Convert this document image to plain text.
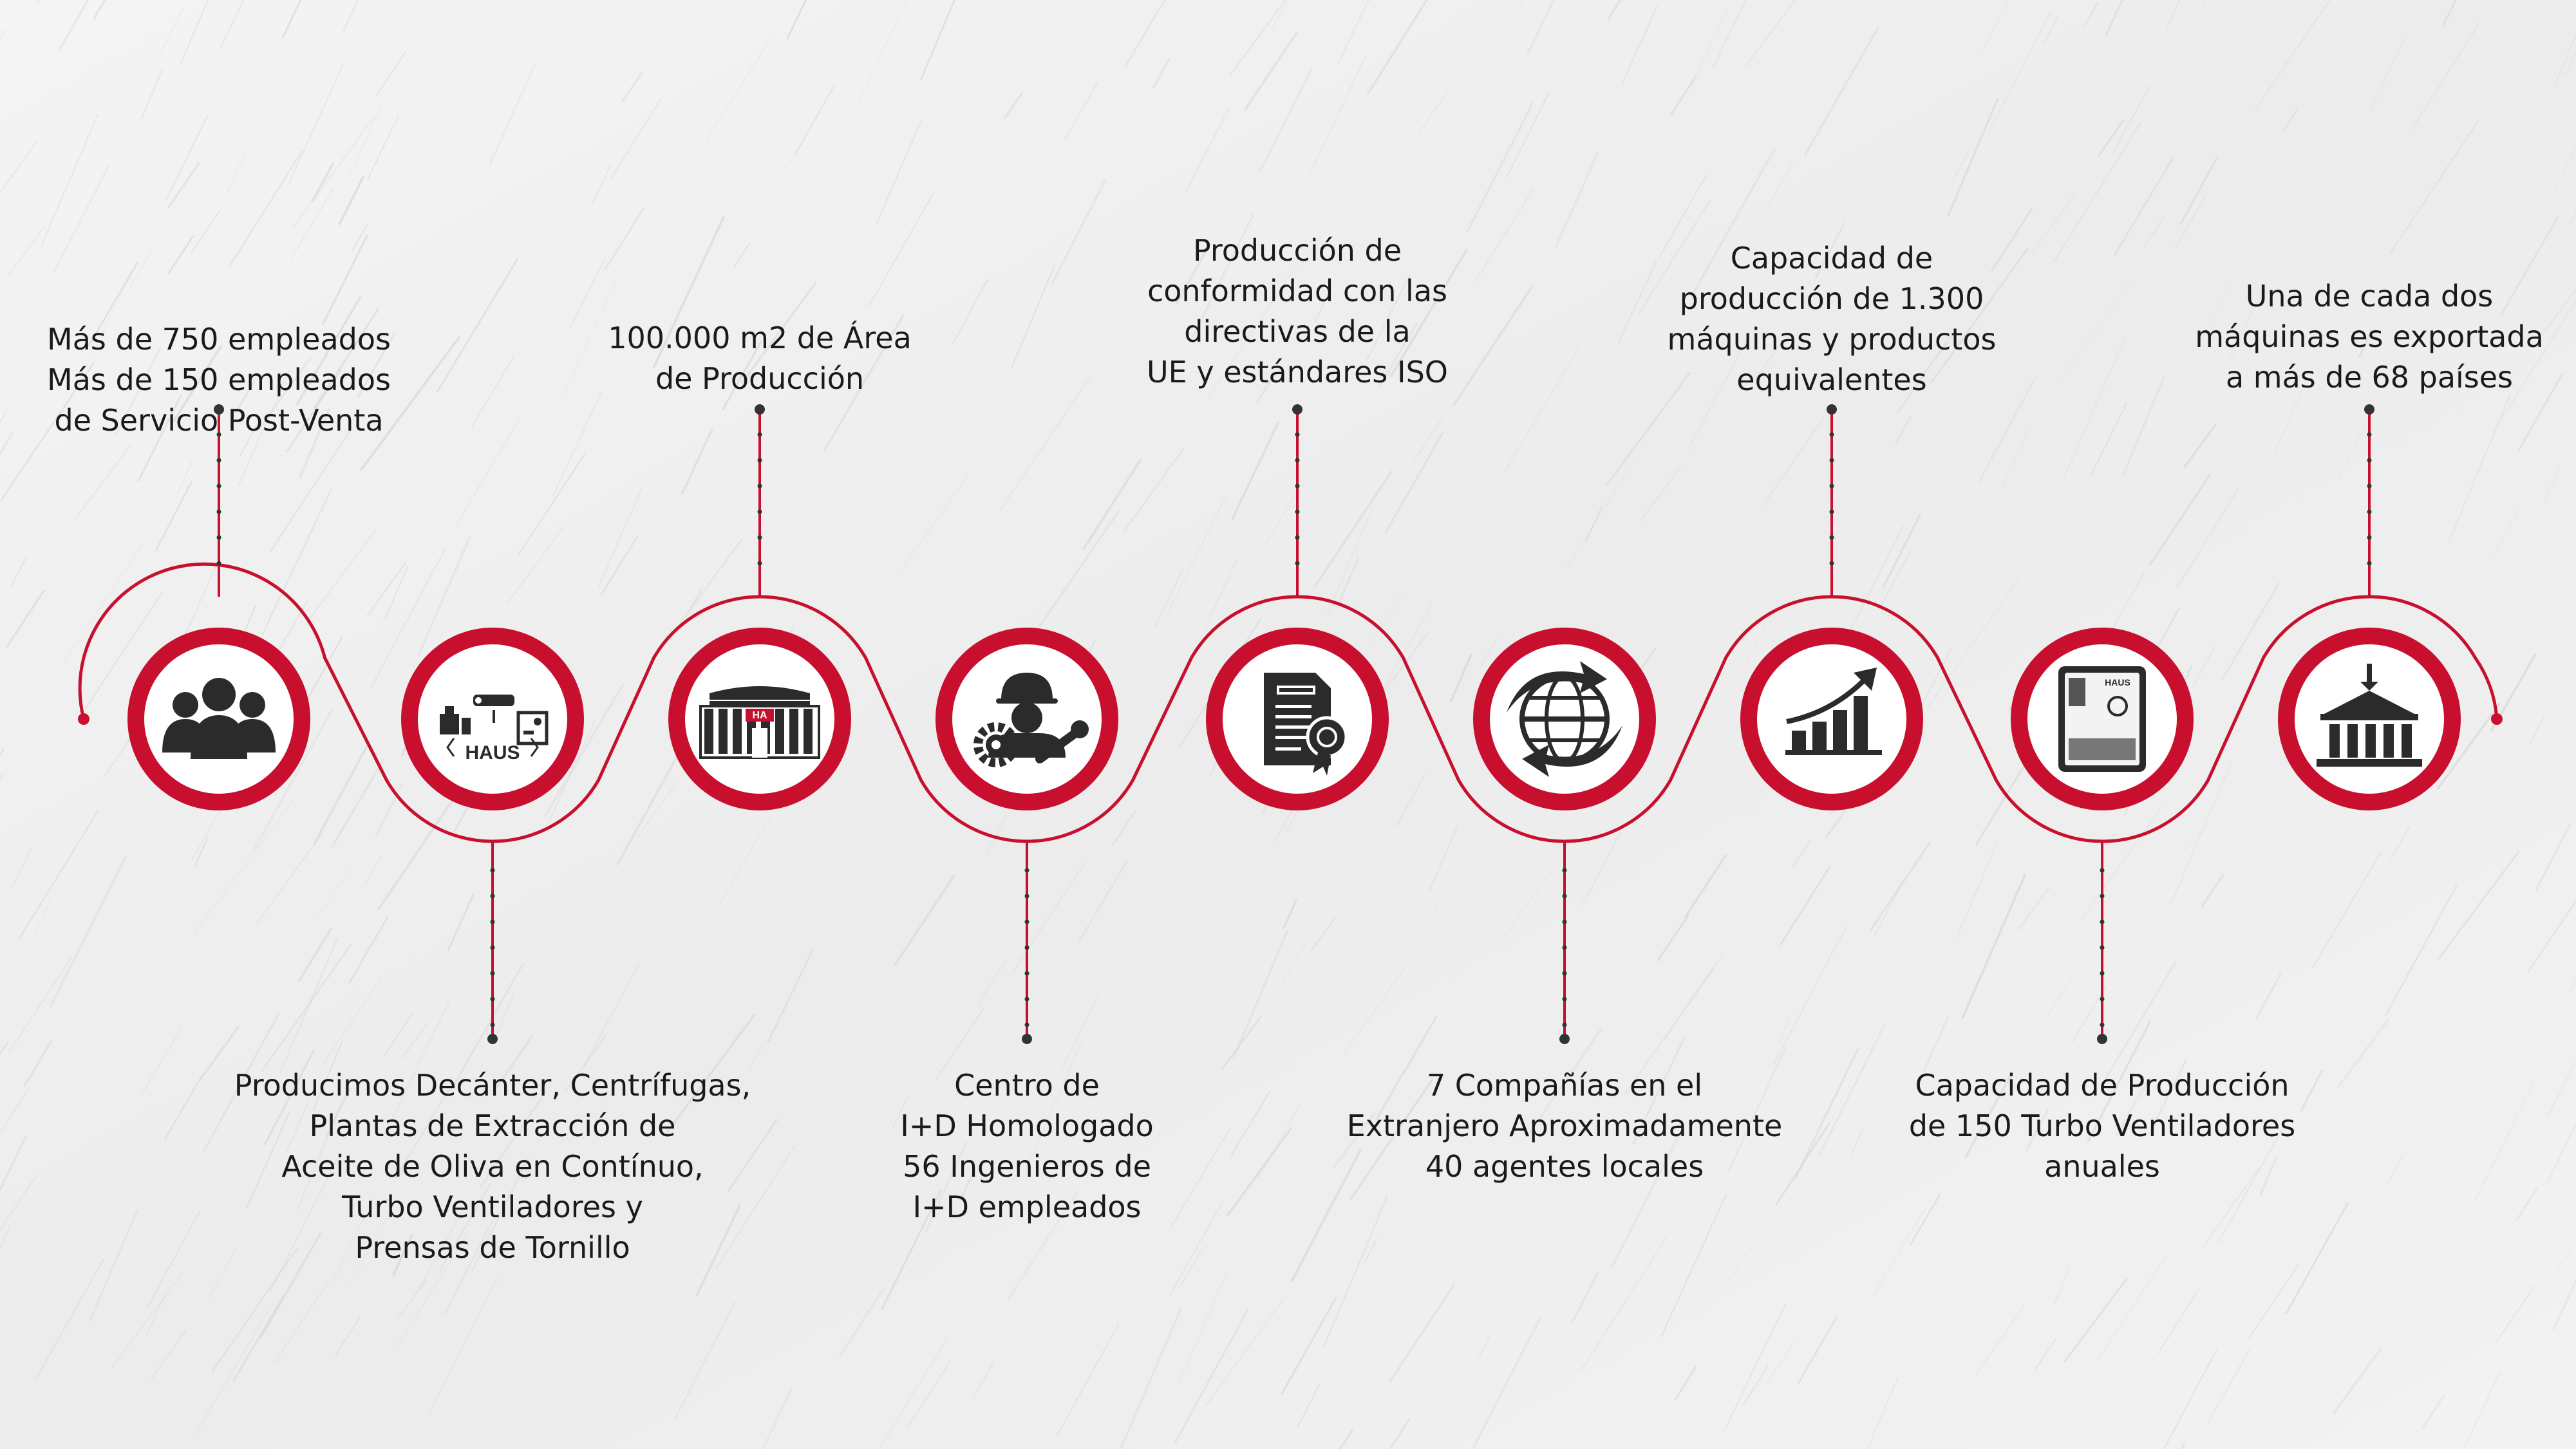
HAUS
HA
HAUS
Más de 750 empleados
Más de 150 empleados
de Servicio Post-Venta
Producimos Decánter, Centrífugas,
Plantas de Extracción de
Aceite de Oliva en Contínuo,
Turbo Ventiladores y
Prensas de Tornillo
100.000 m2 de Área
de Producción
Centro de
I+D Homologado
56 Ingenieros de
I+D empleados
Producción de
conformidad con las
directivas de la
UE y estándares ISO
7 Compañías en el
Extranjero Aproximadamente
40 agentes locales
Capacidad de
producción de 1.300
máquinas y productos
equivalentes
Capacidad de Producción
de 150 Turbo Ventiladores
anuales
Una de cada dos
máquinas es exportada
a más de 68 países
